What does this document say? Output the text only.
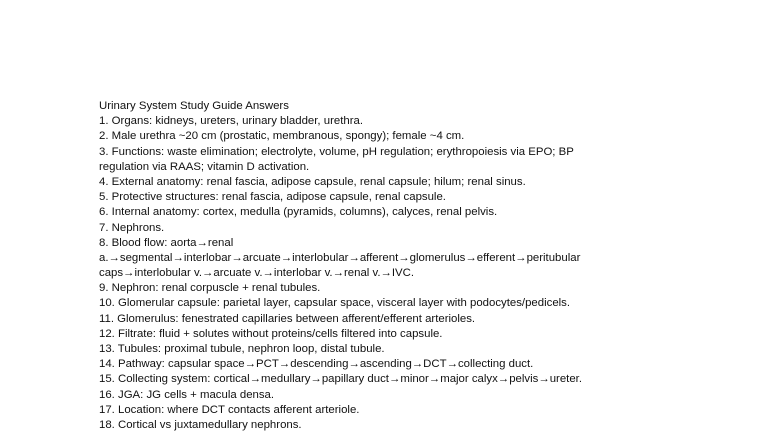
Urinary System Study Guide Answers
1. Organs: kidneys, ureters, urinary bladder, urethra.
2. Male urethra ~20 cm (prostatic, membranous, spongy); female ~4 cm.
3. Functions: waste elimination; electrolyte, volume, pH regulation; erythropoiesis via EPO; BP
regulation via RAAS; vitamin D activation.
4. External anatomy: renal fascia, adipose capsule, renal capsule; hilum; renal sinus.
5. Protective structures: renal fascia, adipose capsule, renal capsule.
6. Internal anatomy: cortex, medulla (pyramids, columns), calyces, renal pelvis.
7. Nephrons.
8. Blood flow: aorta→renal
a.→segmental→interlobar→arcuate→interlobular→afferent→glomerulus→efferent→peritubular
caps→interlobular v.→arcuate v.→interlobar v.→renal v.→IVC.
9. Nephron: renal corpuscle + renal tubules.
10. Glomerular capsule: parietal layer, capsular space, visceral layer with podocytes/pedicels.
11. Glomerulus: fenestrated capillaries between afferent/efferent arterioles.
12. Filtrate: fluid + solutes without proteins/cells filtered into capsule.
13. Tubules: proximal tubule, nephron loop, distal tubule.
14. Pathway: capsular space→PCT→descending→ascending→DCT→collecting duct.
15. Collecting system: cortical→medullary→papillary duct→minor→major calyx→pelvis→ureter.
16. JGA: JG cells + macula densa.
17. Location: where DCT contacts afferent arteriole.
18. Cortical vs juxtamedullary nephrons.
